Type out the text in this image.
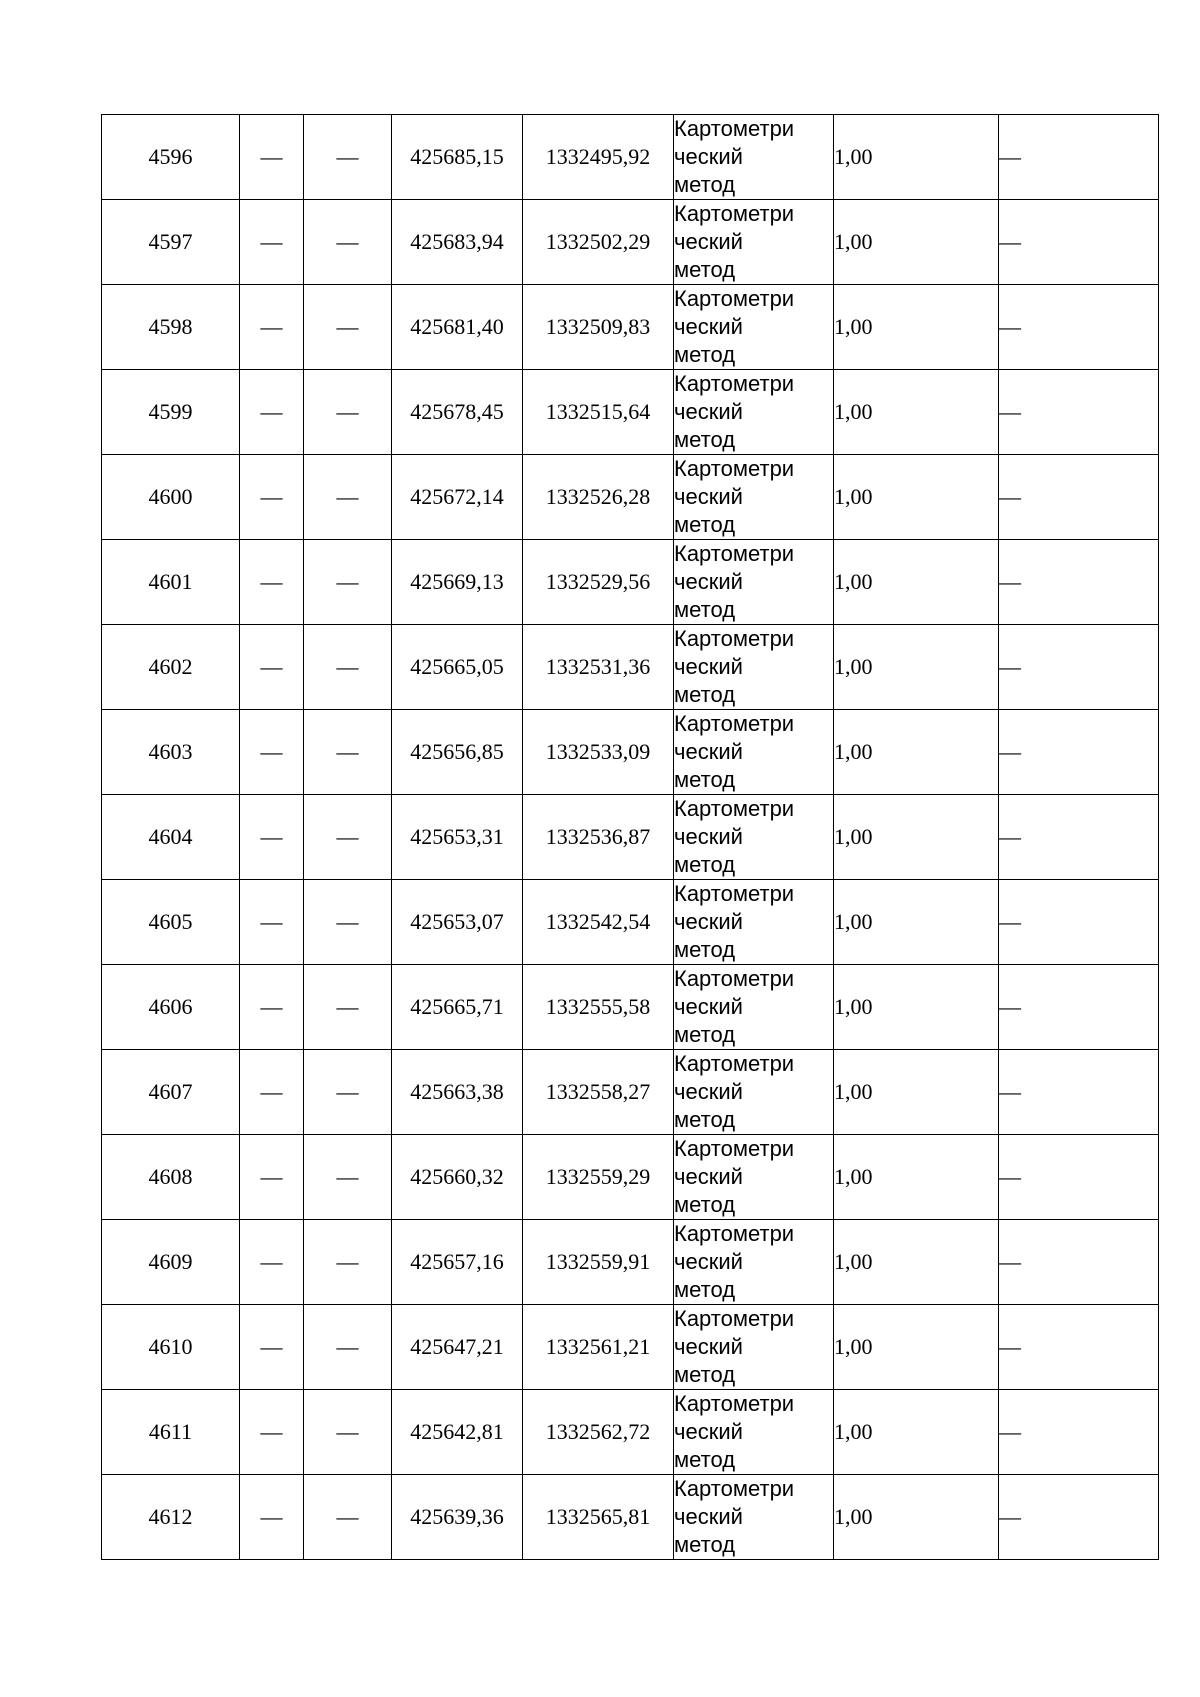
4596	—	—	425685,15	1332495,92	Картометри
ческий
метод	1,00	—
4597	—	—	425683,94	1332502,29	Картометри
ческий
метод	1,00	—
4598	—	—	425681,40	1332509,83	Картометри
ческий
метод	1,00	—
4599	—	—	425678,45	1332515,64	Картометри
ческий
метод	1,00	—
4600	—	—	425672,14	1332526,28	Картометри
ческий
метод	1,00	—
4601	—	—	425669,13	1332529,56	Картометри
ческий
метод	1,00	—
4602	—	—	425665,05	1332531,36	Картометри
ческий
метод	1,00	—
4603	—	—	425656,85	1332533,09	Картометри
ческий
метод	1,00	—
4604	—	—	425653,31	1332536,87	Картометри
ческий
метод	1,00	—
4605	—	—	425653,07	1332542,54	Картометри
ческий
метод	1,00	—
4606	—	—	425665,71	1332555,58	Картометри
ческий
метод	1,00	—
4607	—	—	425663,38	1332558,27	Картометри
ческий
метод	1,00	—
4608	—	—	425660,32	1332559,29	Картометри
ческий
метод	1,00	—
4609	—	—	425657,16	1332559,91	Картометри
ческий
метод	1,00	—
4610	—	—	425647,21	1332561,21	Картометри
ческий
метод	1,00	—
4611	—	—	425642,81	1332562,72	Картометри
ческий
метод	1,00	—
4612	—	—	425639,36	1332565,81	Картометри
ческий
метод	1,00	—
